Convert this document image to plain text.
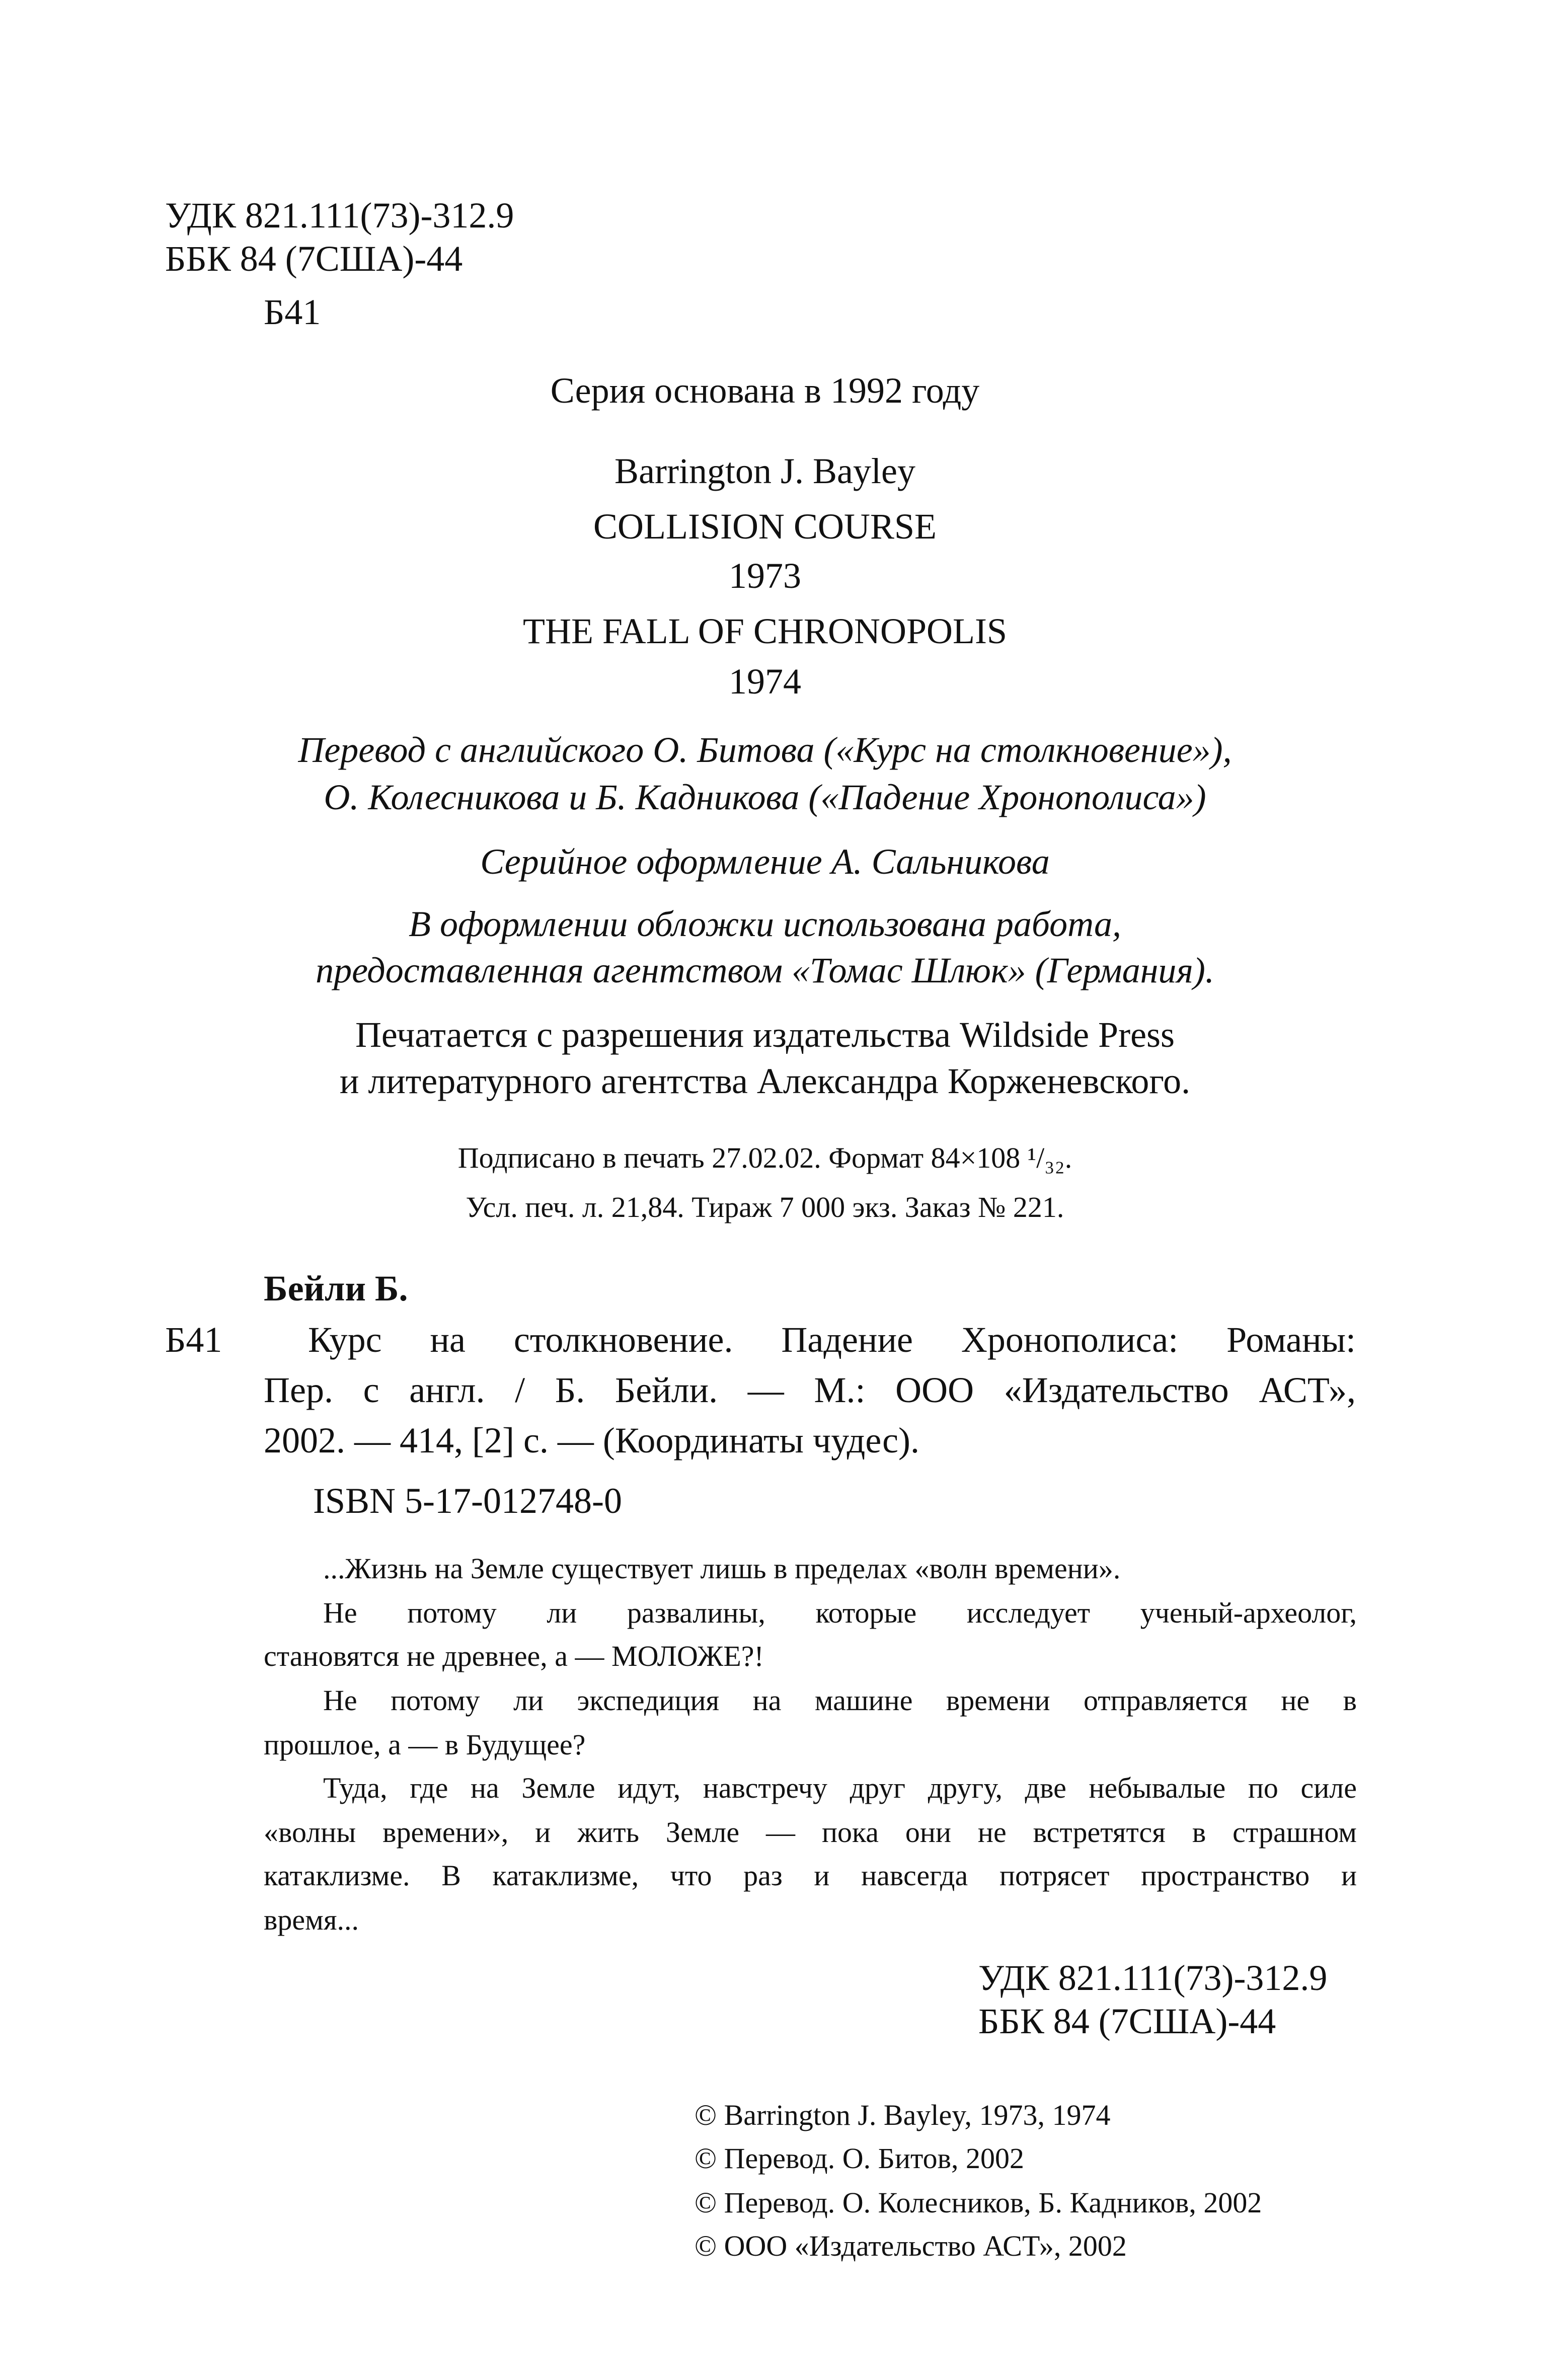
УДК 821.111(73)-312.9
ББК 84 (7США)-44
Б41
Серия основана в 1992 году
Barrington J. Bayley
COLLISION COURSE
1973
THE FALL OF CHRONOPOLIS
1974
Перевод с английского О. Битова («Курс на столкновение»),
О. Колесникова и Б. Кадникова («Падение Хронополиса»)
Серийное оформление А. Сальникова
В оформлении обложки использована работа,
предоставленная агентством «Томас Шлюк» (Германия).
Печатается с разрешения издательства Wildside Press
и литературного агентства Александра Корженевского.
Подписано в печать 27.02.02. Формат 84×108 ¹/₃₂.
Усл. печ. л. 21,84. Тираж 7 000 экз. Заказ № 221.
Бейли Б.
Б41 Курс на столкновение. Падение Хронополиса: Романы:
Пер. с англ. / Б. Бейли. — М.: ООО «Издательство АСТ»,
2002. — 414, [2] с. — (Координаты чудес).
ISBN 5-17-012748-0
...Жизнь на Земле существует лишь в пределах «волн времени».
Не потому ли развалины, которые исследует ученый-археолог,
становятся не древнее, а — МОЛОЖЕ?!
Не потому ли экспедиция на машине времени отправляется не в
прошлое, а — в Будущее?
Туда, где на Земле идут, навстречу друг другу, две небывалые по силе
«волны времени», и жить Земле — пока они не встретятся в страшном
катаклизме. В катаклизме, что раз и навсегда потрясет пространство и
время...
УДК 821.111(73)-312.9
ББК 84 (7США)-44
© Barrington J. Bayley, 1973, 1974
© Перевод. О. Битов, 2002
© Перевод. О. Колесников, Б. Кадников, 2002
© ООО «Издательство АСТ», 2002
